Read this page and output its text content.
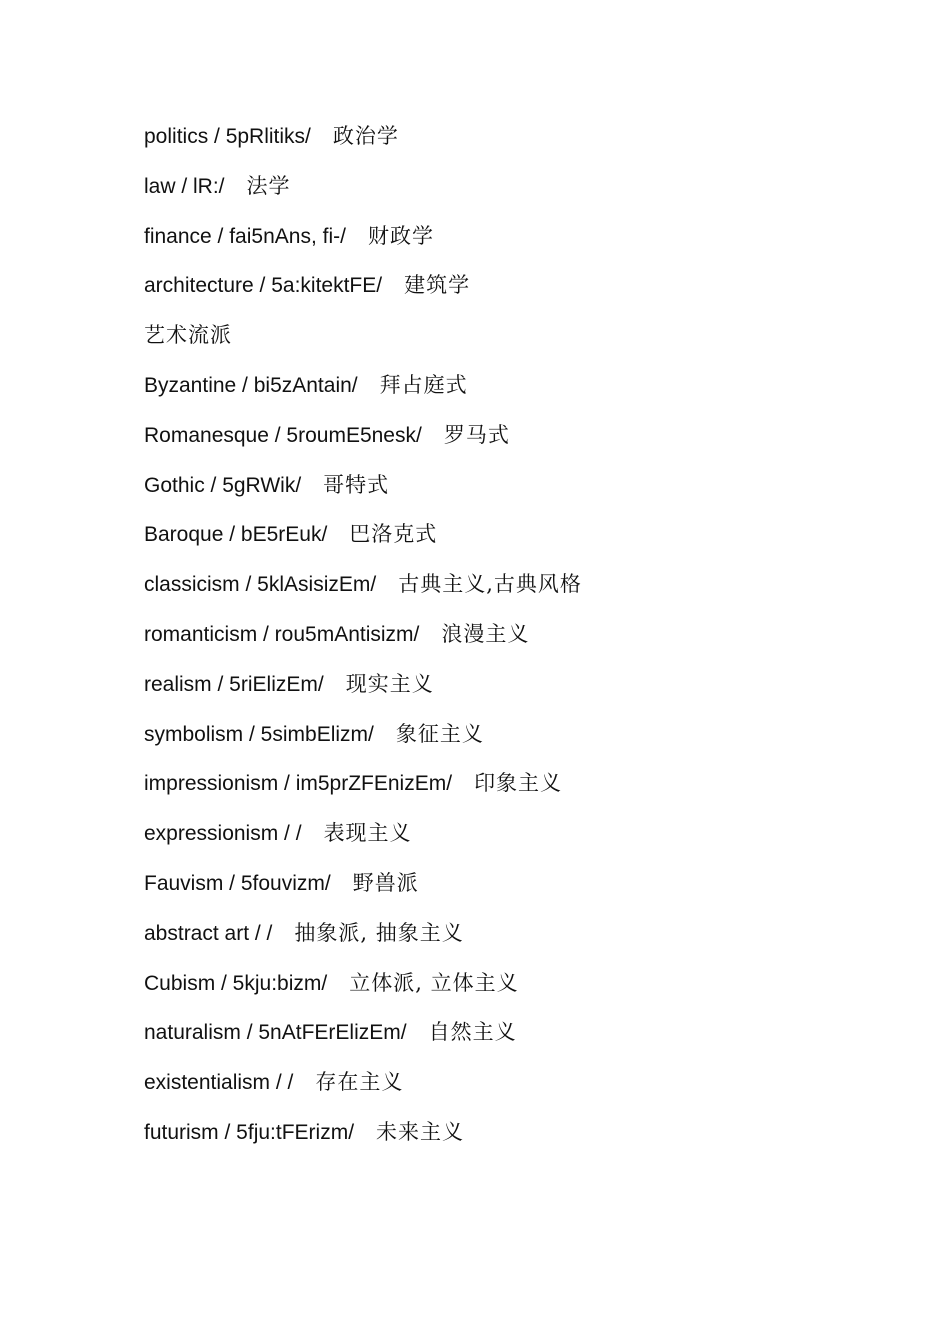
politics / 5pRlitiks/ 政治学
law / lR:/ 法学
finance / fai5nAns, fi-/ 财政学
architecture / 5a:kitektFE/ 建筑学
艺术流派
Byzantine / bi5zAntain/ 拜占庭式
Romanesque / 5roumE5nesk/ 罗马式
Gothic / 5gRWik/ 哥特式
Baroque / bE5rEuk/ 巴洛克式
classicism / 5klAsisizEm/ 古典主义,古典风格
romanticism / rou5mAntisizm/ 浪漫主义
realism / 5riElizEm/ 现实主义
symbolism / 5simbElizm/ 象征主义
impressionism / im5prZFEnizEm/ 印象主义
expressionism / / 表现主义
Fauvism / 5fouvizm/ 野兽派
abstract art / / 抽象派, 抽象主义
Cubism / 5kju:bizm/ 立体派, 立体主义
naturalism / 5nAtFErElizEm/ 自然主义
existentialism / / 存在主义
futurism / 5fju:tFErizm/ 未来主义
